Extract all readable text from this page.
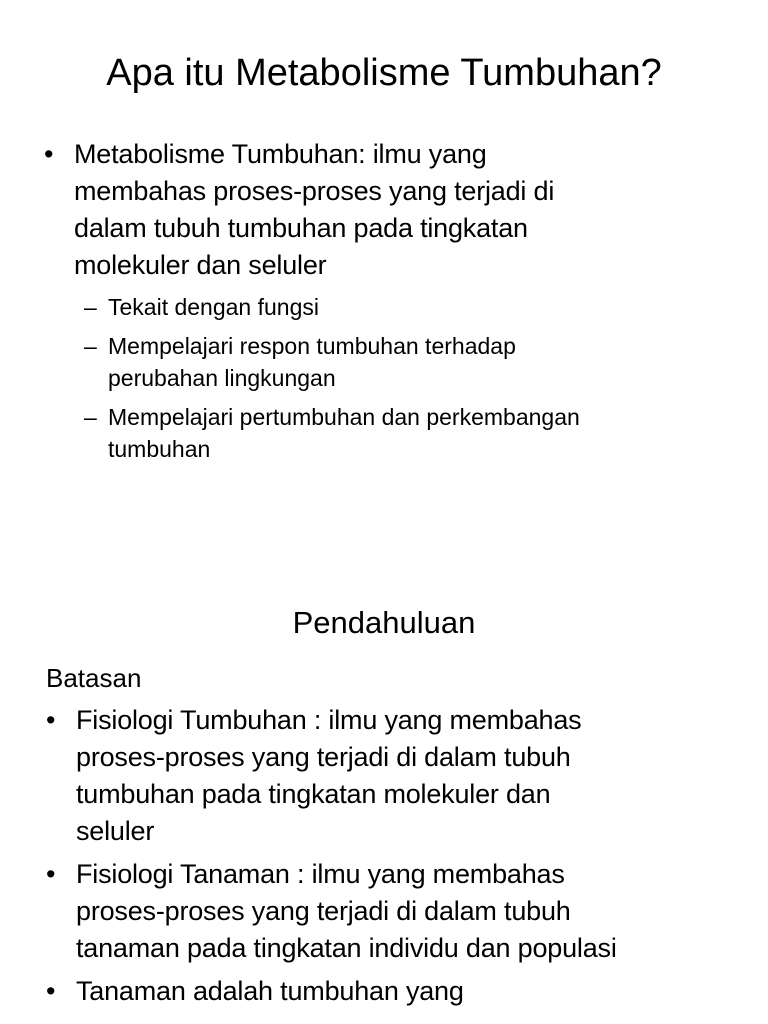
Apa itu Metabolisme Tumbuhan?
• Metabolisme Tumbuhan: ilmu yang
membahas proses-proses yang terjadi di
dalam tubuh tumbuhan pada tingkatan
molekuler dan seluler
– Tekait dengan fungsi
– Mempelajari respon tumbuhan terhadap
perubahan lingkungan
– Mempelajari pertumbuhan dan perkembangan
tumbuhan
Pendahuluan
Batasan
• Fisiologi Tumbuhan : ilmu yang membahas
proses-proses yang terjadi di dalam tubuh
tumbuhan pada tingkatan molekuler dan
seluler
• Fisiologi Tanaman : ilmu yang membahas
proses-proses yang terjadi di dalam tubuh
tanaman pada tingkatan individu dan populasi
• Tanaman adalah tumbuhan yang
